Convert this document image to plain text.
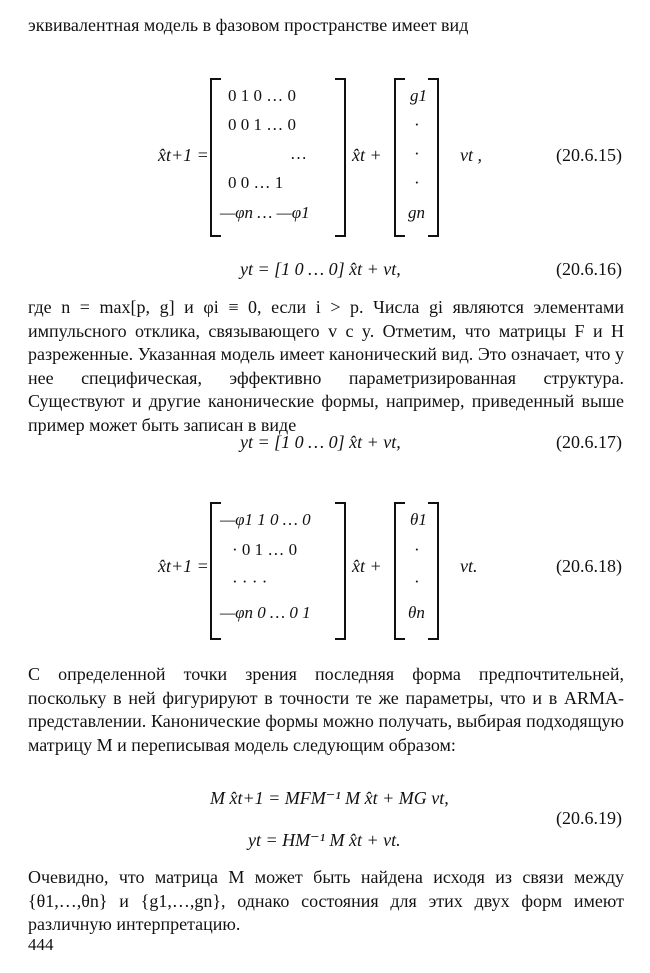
эквивалентная модель в фазовом пространстве имеет вид

x̂t+1 =
0 1 0 … 0
0 0 1 … 0
…
0 0 … 1
—φn … —φ1
x̂t +
g1
·
·
·
gn
vt ,	(20.6.15)
yt = [1 0 … 0] x̂t + vt,	(20.6.16)

где n = max[p, g] и φi ≡ 0, если i > p. Числа gi являются элементами импульсного отклика, связывающего v с y. Отметим, что матрицы F и H разреженные. Указанная модель имеет канонический вид. Это означает, что у нее специфическая, эффективно параметризированная структура. Существуют и другие канонические формы, например, приведенный выше пример может быть записан в виде

yt = [1 0 … 0] x̂t + vt,	(20.6.17)
x̂t+1 =
—φ1 1 0 … 0
· 0 1 … 0
· · · ·
—φn 0 … 0 1
x̂t +
θ1
·
·
θn
vt.	(20.6.18)

С определенной точки зрения последняя форма предпочтительней, поскольку в ней фигурируют в точности те же параметры, что и в ARMA-представлении. Канонические формы можно получать, выбирая подходящую матрицу M и переписывая модель следующим образом:

M x̂t+1 = MFM⁻¹ M x̂t + MG vt,
(20.6.19)
yt = HM⁻¹ M x̂t + vt.

Очевидно, что матрица M может быть найдена исходя из связи между {θ1,…,θn} и {g1,…,gn}, однако состояния для этих двух форм имеют различную интерпретацию.

444
